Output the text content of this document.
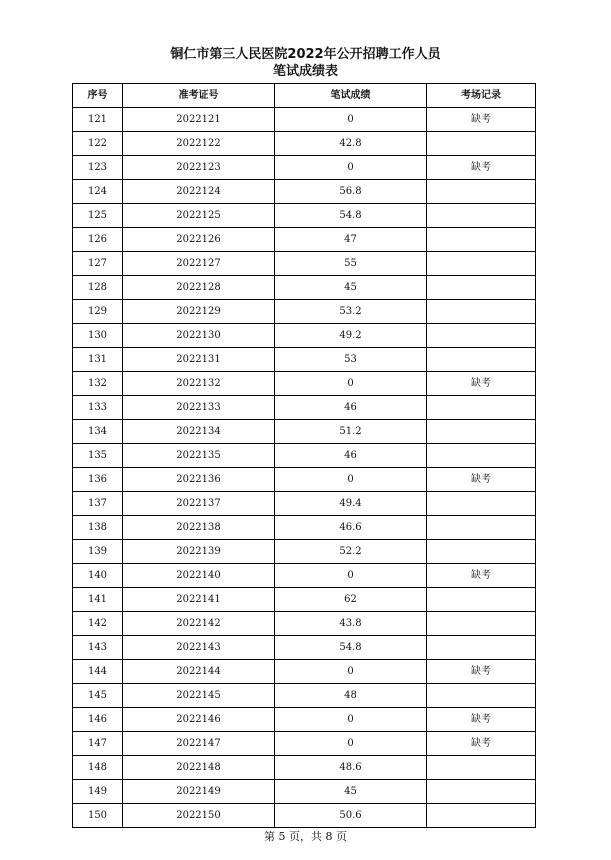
铜仁市第三人民医院2022年公开招聘工作人员
笔试成绩表
序号	准考证号	笔试成绩	考场记录
121	2022121	0	缺考
122	2022122	42.8	
123	2022123	0	缺考
124	2022124	56.8	
125	2022125	54.8	
126	2022126	47	
127	2022127	55	
128	2022128	45	
129	2022129	53.2	
130	2022130	49.2	
131	2022131	53	
132	2022132	0	缺考
133	2022133	46	
134	2022134	51.2	
135	2022135	46	
136	2022136	0	缺考
137	2022137	49.4	
138	2022138	46.6	
139	2022139	52.2	
140	2022140	0	缺考
141	2022141	62	
142	2022142	43.8	
143	2022143	54.8	
144	2022144	0	缺考
145	2022145	48	
146	2022146	0	缺考
147	2022147	0	缺考
148	2022148	48.6	
149	2022149	45	
150	2022150	50.6	
第 5 页，共 8 页
